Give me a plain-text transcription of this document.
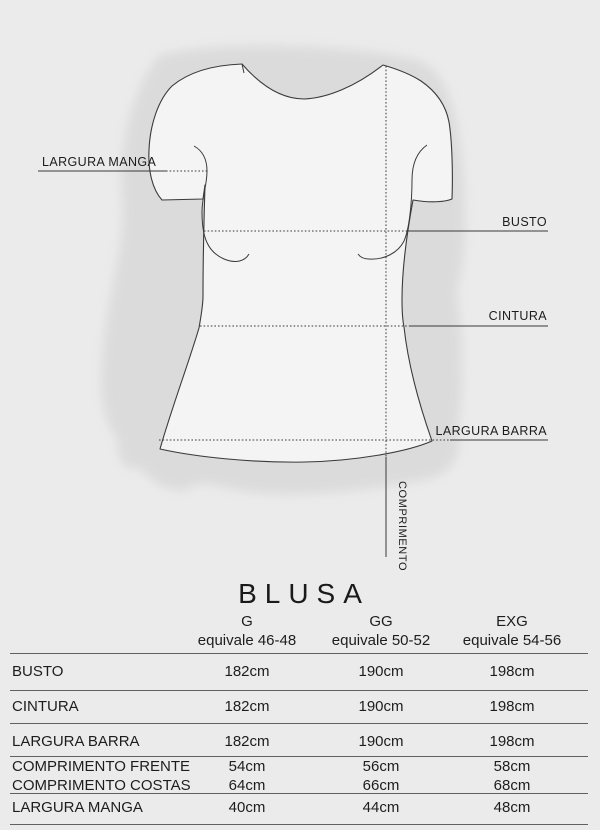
LARGURA MANGA
BUSTO
CINTURA
LARGURA BARRA
COMPRIMENTO
BLUSA
G
equivale 46-48
GG
equivale 50-52
EXG
equivale 54-56
BUSTO	182cm	190cm	198cm
CINTURA	182cm	190cm	198cm
LARGURA BARRA	182cm	190cm	198cm
COMPRIMENTO FRENTE	54cm	56cm	58cm
COMPRIMENTO COSTAS	64cm	66cm	68cm
LARGURA MANGA	40cm	44cm	48cm
